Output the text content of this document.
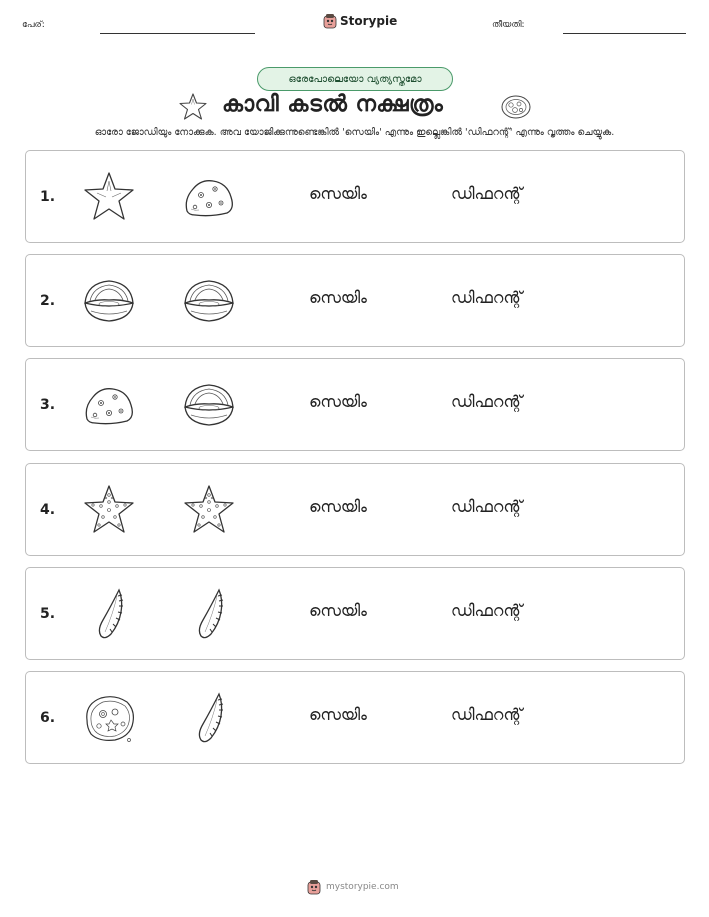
പേര്:	Storypie	തീയതി:
ഒരേപോലെയോ വ്യത്യസ്തമോ
കാവി കടൽ നക്ഷത്രം
ഓരോ ജോഡിയും നോക്കുക. അവ യോജിക്കുന്നുണ്ടെങ്കിൽ 'സെയിം' എന്നും ഇല്ലെങ്കിൽ 'ഡിഫറന്റ്' എന്നും വൃത്തം ചെയ്യുക.
1.	സെയിം	ഡിഫറന്റ്
2.	സെയിം	ഡിഫറന്റ്
3.	സെയിം	ഡിഫറന്റ്
4.	സെയിം	ഡിഫറന്റ്
5.	സെയിം	ഡിഫറന്റ്
6.	സെയിം	ഡിഫറന്റ്
mystorypie.com
